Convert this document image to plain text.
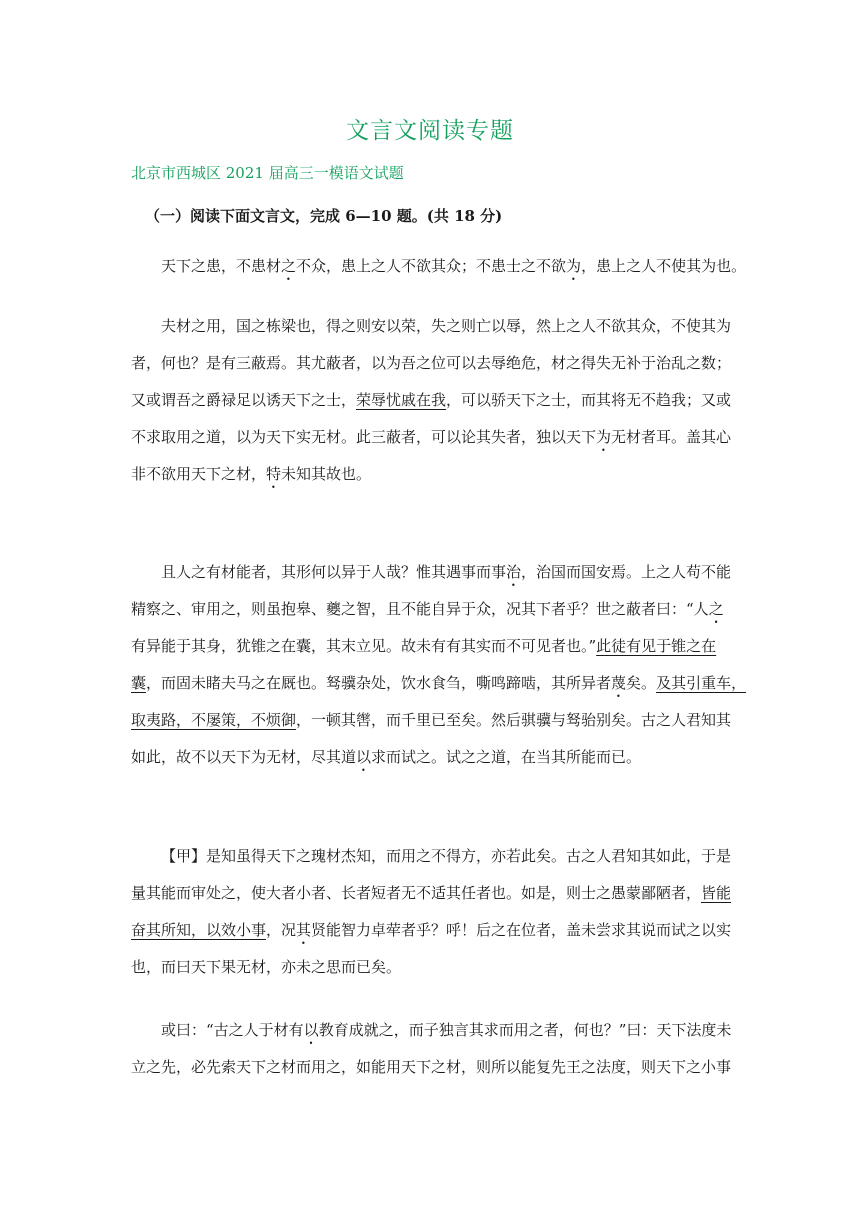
文言文阅读专题
北京市西城区 2021 届高三一模语文试题
（一）阅读下面文言文，完成 6—10 题。(共 18 分)
天下之患，不患材之不众，患上之人不欲其众；不患士之不欲为，患上之人不使其为也。
夫材之用，国之栋梁也，得之则安以荣，失之则亡以辱，然上之人不欲其众，不使其为
者，何也？是有三蔽焉。其尤蔽者，以为吾之位可以去辱绝危，材之得失无补于治乱之数；
又或谓吾之爵禄足以诱天下之士，荣辱忧戚在我，可以骄天下之士，而其将无不趋我；又或
不求取用之道，以为天下实无材。此三蔽者，可以论其失者，独以天下为无材者耳。盖其心
非不欲用天下之材，特未知其故也。
且人之有材能者，其形何以异于人哉？惟其遇事而事治，治国而国安焉。上之人苟不能
精察之、审用之，则虽抱皋、夔之智，且不能自异于众，况其下者乎？世之蔽者曰：“人之
有异能于其身，犹锥之在囊，其末立见。故未有有其实而不可见者也。”此徒有见于锥之在
囊，而固未睹夫马之在厩也。驽骥杂处，饮水食刍，嘶鸣蹄啮，其所异者蔑矣。及其引重车，
取夷路，不屡策，不烦御，一顿其辔，而千里已至矣。然后骐骥与驽骀别矣。古之人君知其
如此，故不以天下为无材，尽其道以求而试之。试之之道，在当其所能而已。
【甲】是知虽得天下之瑰材杰知，而用之不得方，亦若此矣。古之人君知其如此，于是
量其能而审处之，使大者小者、长者短者无不适其任者也。如是，则士之愚蒙鄙陋者，皆能
奋其所知，以效小事，况其贤能智力卓荦者乎？呼！后之在位者，盖未尝求其说而试之以实
也，而曰天下果无材，亦未之思而已矣。
或曰：“古之人于材有以教育成就之，而子独言其求而用之者，何也？”曰：天下法度未
立之先，必先索天下之材而用之，如能用天下之材，则所以能复先王之法度，则天下之小事
